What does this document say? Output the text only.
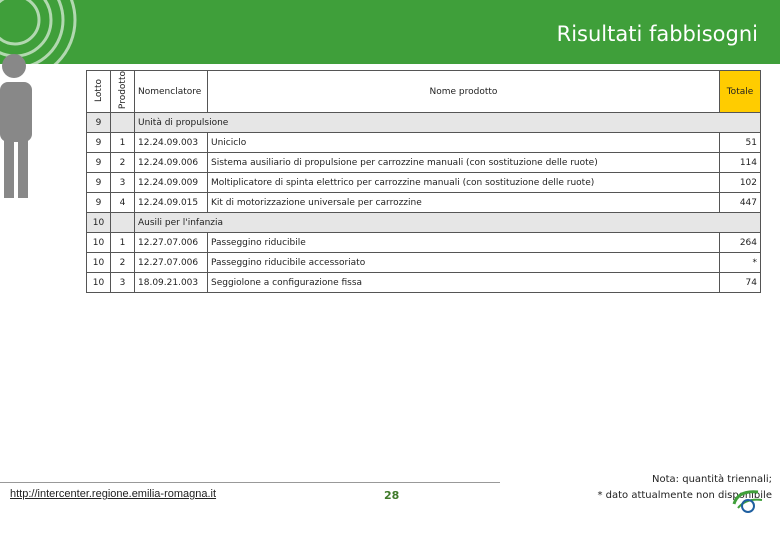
Risultati fabbisogni
Lotto	Prodotto	Nomenclatore	Nome prodotto	Totale
9		Unità di propulsione		
9	1	12.24.09.003	Uniciclo	51
9	2	12.24.09.006	Sistema ausiliario di propulsione per carrozzine manuali (con sostituzione delle ruote)	114
9	3	12.24.09.009	Moltiplicatore di spinta elettrico per carrozzine manuali (con sostituzione delle ruote)	102
9	4	12.24.09.015	Kit di motorizzazione universale per carrozzine	447
10		Ausili per l'infanzia		
10	1	12.27.07.006	Passeggino riducibile	264
10	2	12.27.07.006	Passeggino riducibile accessoriato	*
10	3	18.09.21.003	Seggiolone a configurazione fissa	74
Nota: quantità triennali;
* dato attualmente non disponibile
http://intercenter.regione.emilia-romagna.it	28
